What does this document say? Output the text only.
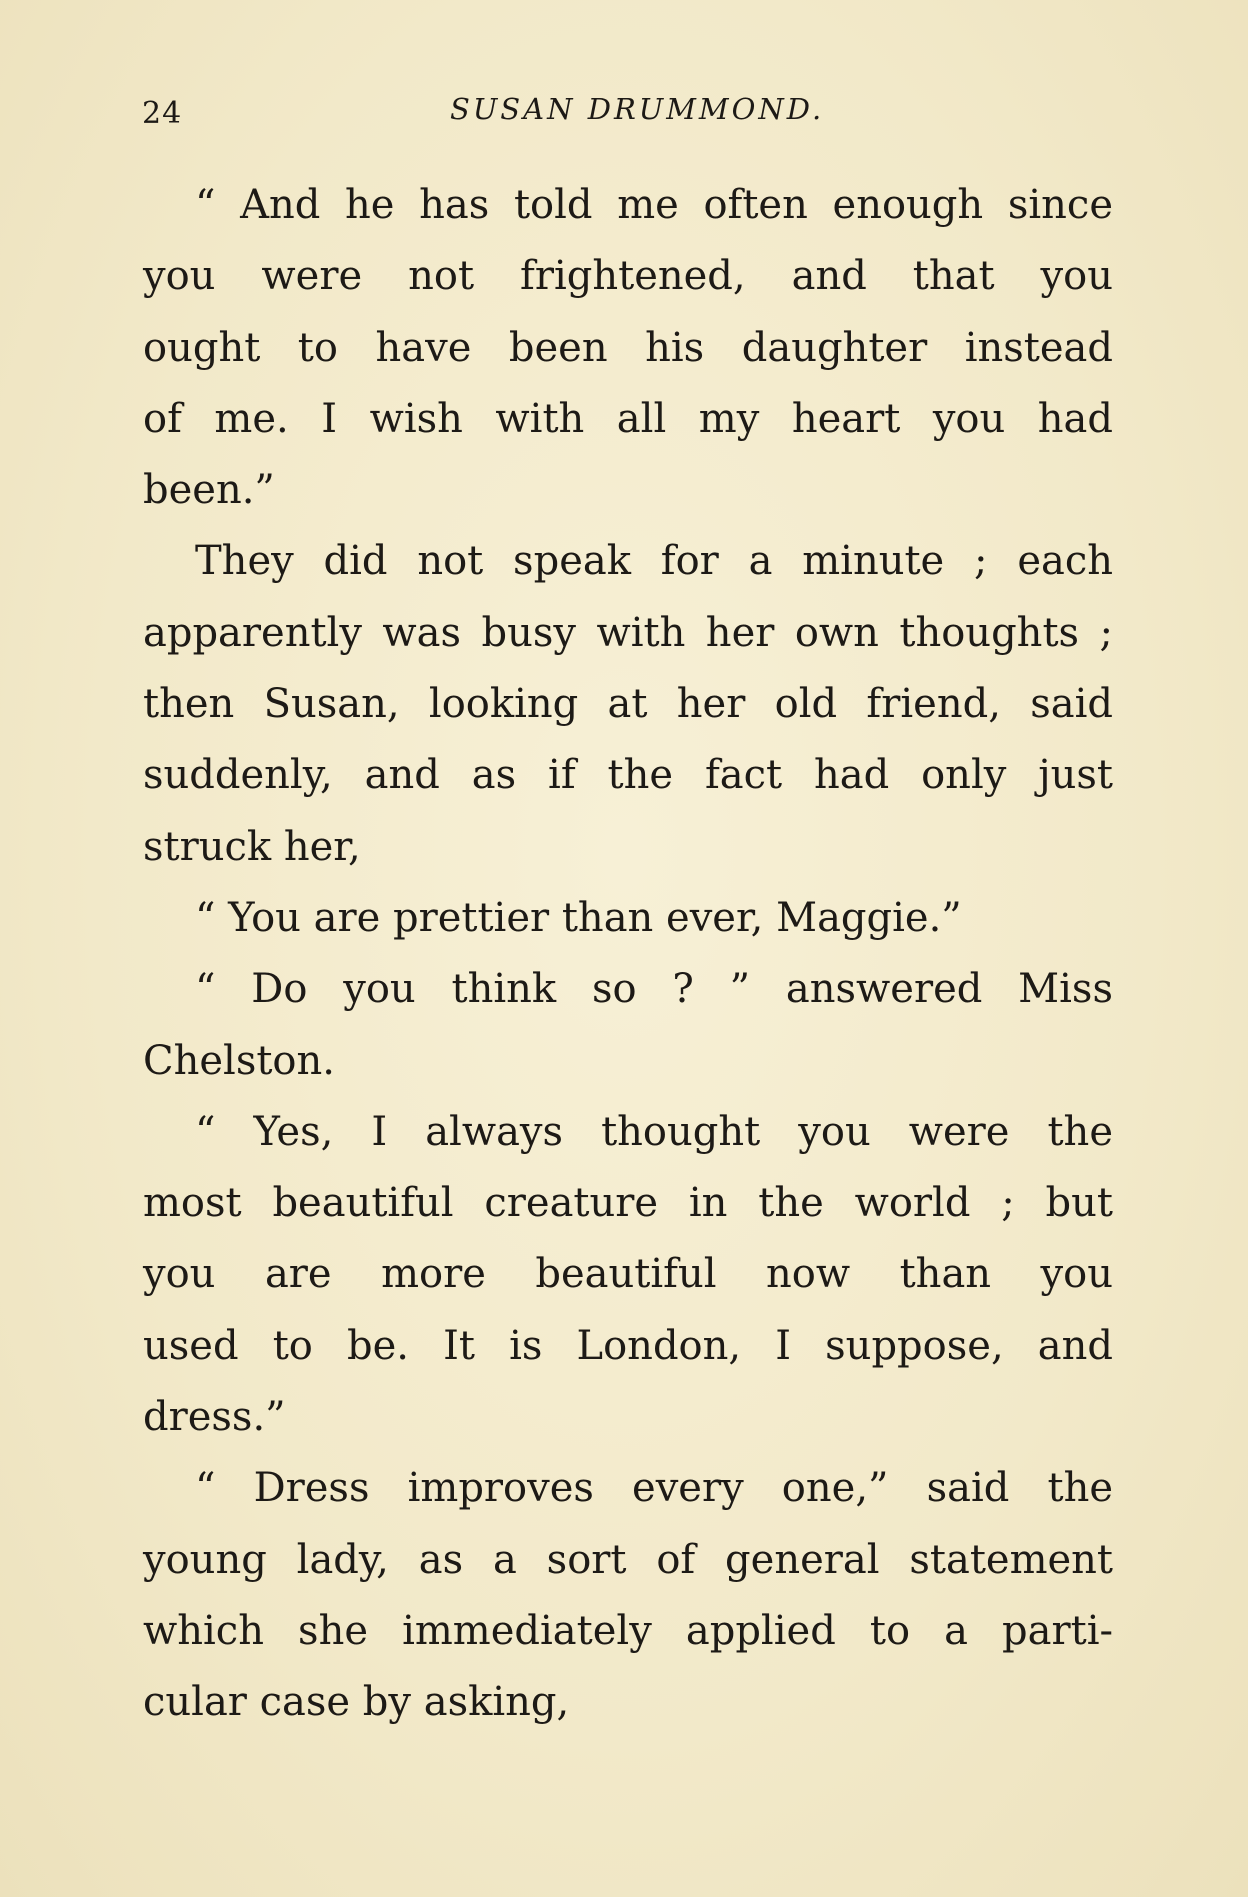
24	SUSAN DRUMMOND.
“ And he has told me often enough since
you were not frightened, and that you
ought to have been his daughter instead
of me. I wish with all my heart you had
been.”
They did not speak for a minute ; each
apparently was busy with her own thoughts ;
then Susan, looking at her old friend, said
suddenly, and as if the fact had only just
struck her,
“ You are prettier than ever, Maggie.”
“ Do you think so ? ” answered Miss
Chelston.
“ Yes, I always thought you were the
most beautiful creature in the world ; but
you are more beautiful now than you
used to be. It is London, I suppose, and
dress.”
“ Dress improves every one,” said the
young lady, as a sort of general statement
which she immediately applied to a parti-
cular case by asking,
